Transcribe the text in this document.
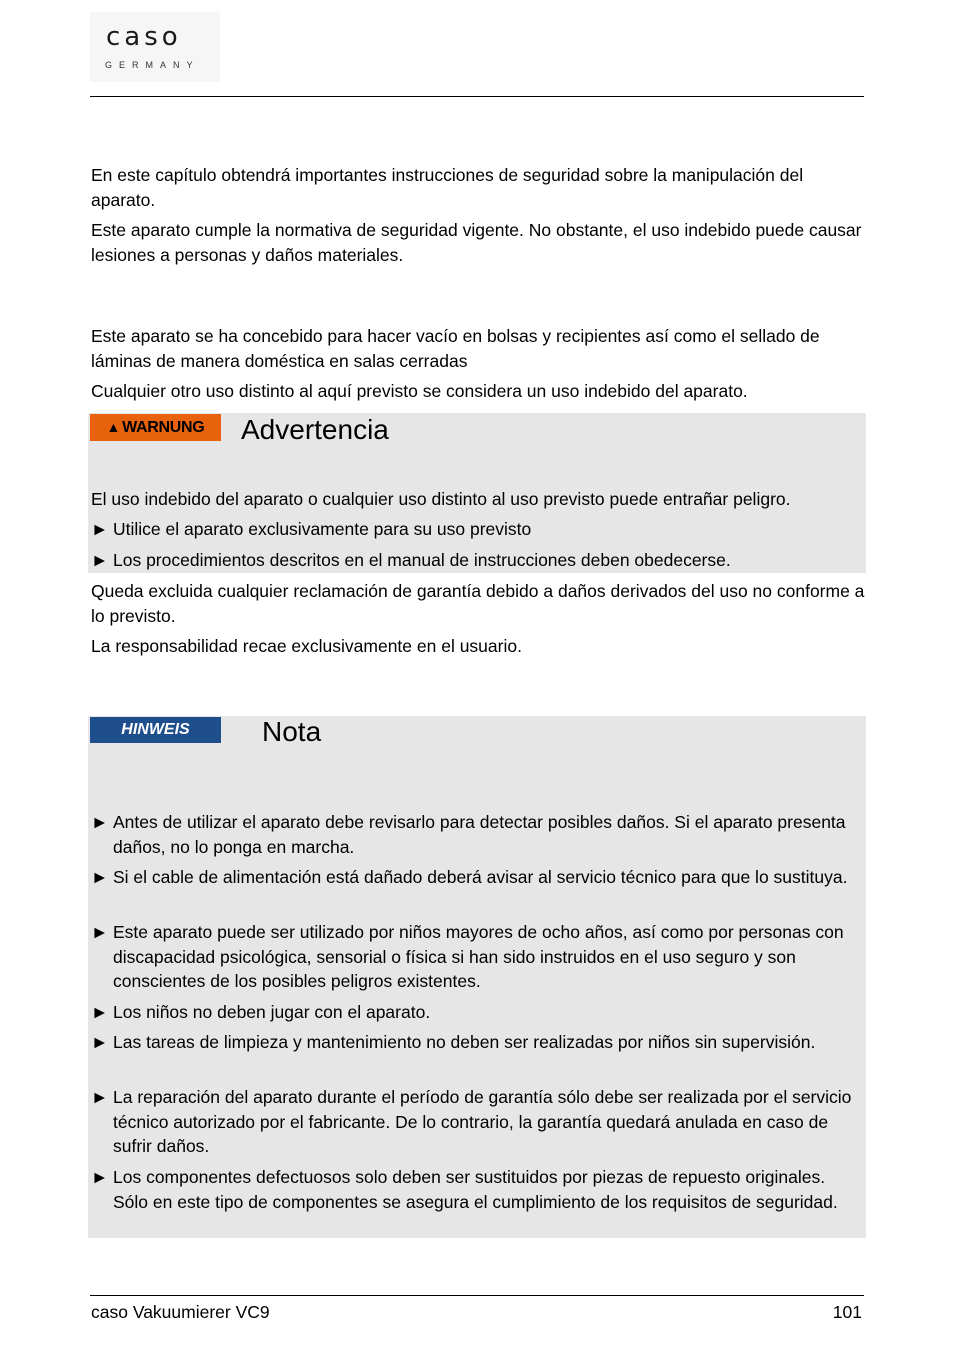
caso
GERMANY

En este capítulo obtendrá importantes instrucciones de seguridad sobre la manipulación del aparato.

Este aparato cumple la normativa de seguridad vigente. No obstante, el uso indebido puede causar lesiones a personas y daños materiales.

Este aparato se ha concebido para hacer vacío en bolsas y recipientes así como el sellado de láminas de manera doméstica en salas cerradas

Cualquier otro uso distinto al aquí previsto se considera un uso indebido del aparato.

▲ WARNUNG	Advertencia

El uso indebido del aparato o cualquier uso distinto al uso previsto puede entrañar peligro.

► Utilice el aparato exclusivamente para su uso previsto
► Los procedimientos descritos en el manual de instrucciones deben obedecerse.

Queda excluida cualquier reclamación de garantía debido a daños derivados del uso no conforme a lo previsto.

La responsabilidad recae exclusivamente en el usuario.

HINWEIS	Nota
► Antes de utilizar el aparato debe revisarlo para detectar posibles daños. Si el aparato presenta daños, no lo ponga en marcha.
► Si el cable de alimentación está dañado deberá avisar al servicio técnico para que lo sustituya.
► Este aparato puede ser utilizado por niños mayores de ocho años, así como por personas con discapacidad psicológica, sensorial o física si han sido instruidos en el uso seguro y son conscientes de los posibles peligros existentes.
► Los niños no deben jugar con el aparato.
► Las tareas de limpieza y mantenimiento no deben ser realizadas por niños sin supervisión.
► La reparación del aparato durante el período de garantía sólo debe ser realizada por el servicio técnico autorizado por el fabricante. De lo contrario, la garantía quedará anulada en caso de sufrir daños.
► Los componentes defectuosos solo deben ser sustituidos por piezas de repuesto originales. Sólo en este tipo de componentes se asegura el cumplimiento de los requisitos de seguridad.
caso Vakuumierer VC9	101
